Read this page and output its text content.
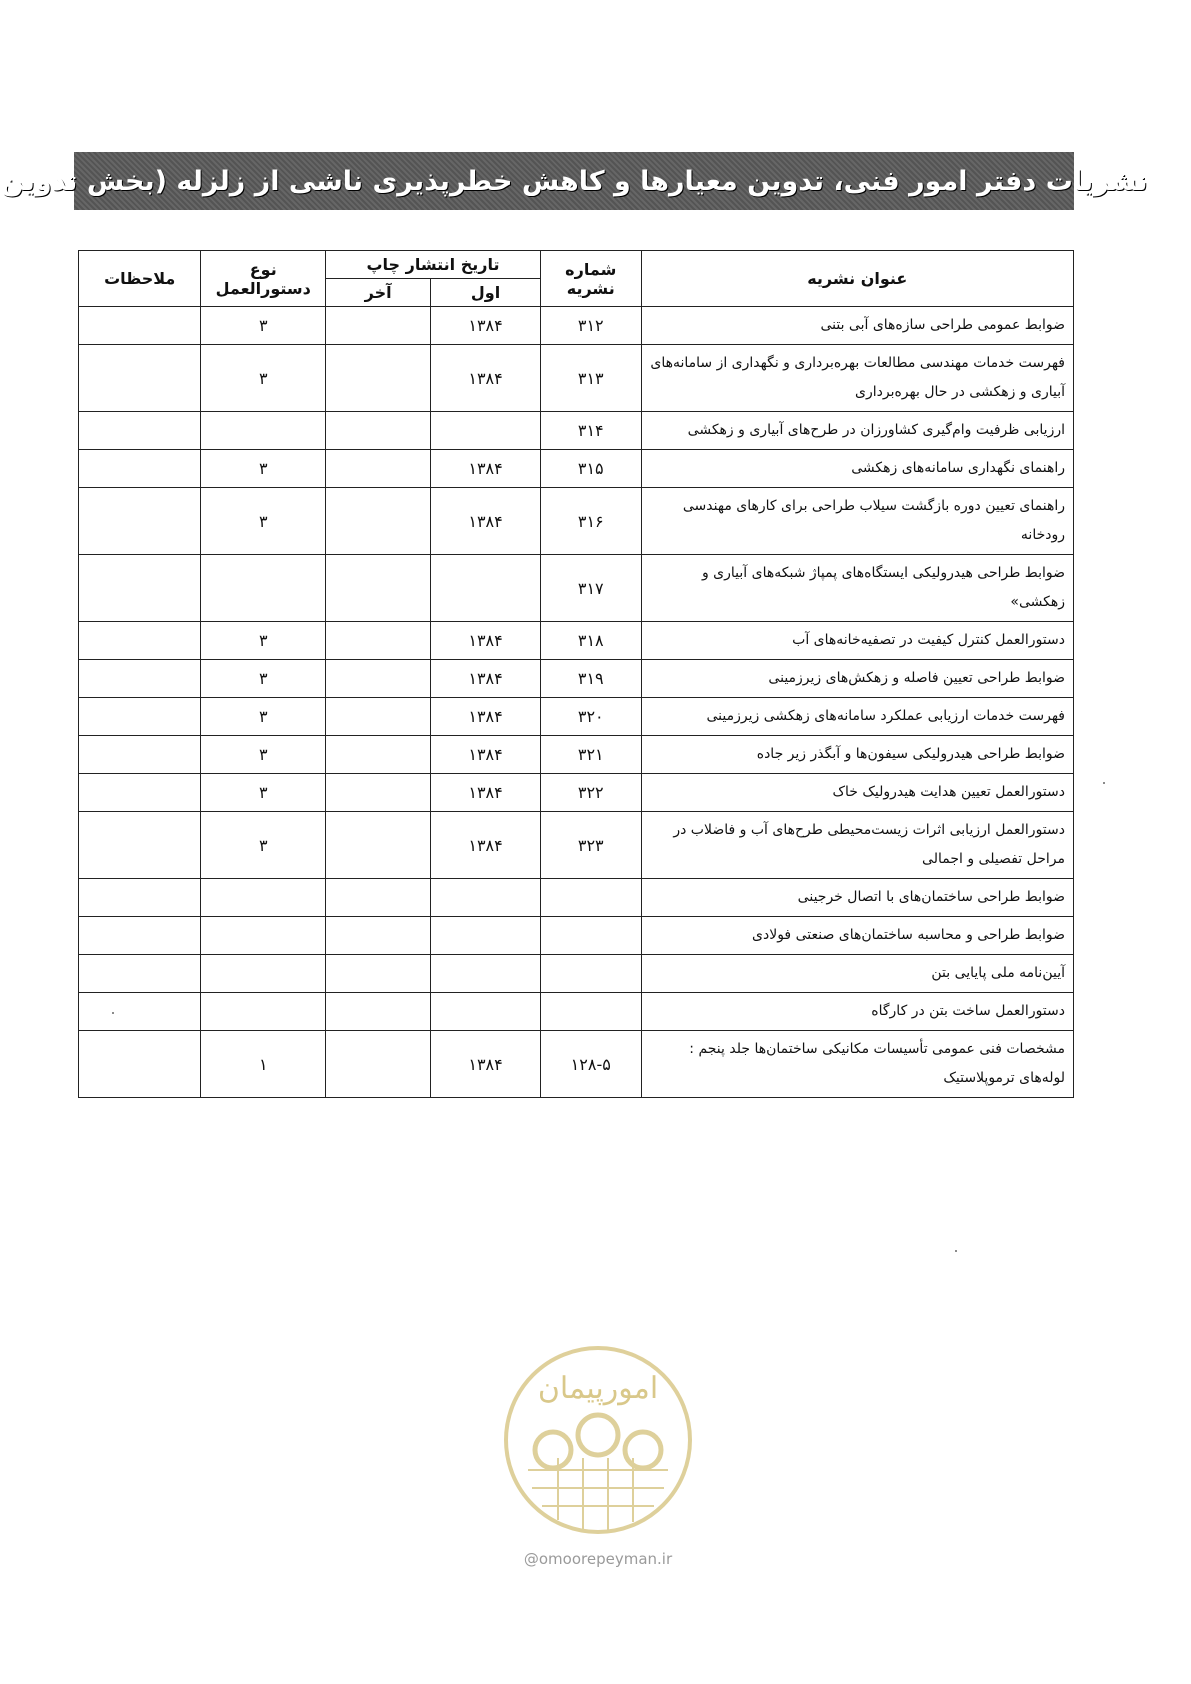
نشریات دفتر امور فنی، تدوین معیارها و کاهش خطرپذیری ناشی از زلزله (بخش تدوین
عنوان نشریه	شماره نشریه	تاریخ انتشار چاپ		نوع دستورالعمل	ملاحظات
		اول	آخر		
ضوابط عمومی طراحی سازه‌های آبی بتنی	۳۱۲	۱۳۸۴		۳	
فهرست خدمات مهندسی مطالعات بهره‌برداری و نگهداری از سامانه‌های آبیاری و زهکشی در حال بهره‌برداری	۳۱۳	۱۳۸۴		۳	
ارزیابی ظرفیت وام‌گیری کشاورزان در طرح‌های آبیاری و زهکشی	۳۱۴				
راهنمای نگهداری سامانه‌های زهکشی	۳۱۵	۱۳۸۴		۳	
راهنمای تعیین دوره بازگشت سیلاب طراحی برای کارهای مهندسی رودخانه	۳۱۶	۱۳۸۴		۳	
ضوابط طراحی هیدرولیکی ایستگاه‌های پمپاژ شبکه‌های آبیاری و زهکشی»	۳۱۷				
دستورالعمل کنترل کیفیت در تصفیه‌خانه‌های آب	۳۱۸	۱۳۸۴		۳	
ضوابط طراحی تعیین فاصله و زهکش‌های زیرزمینی	۳۱۹	۱۳۸۴		۳	
فهرست خدمات ارزیابی عملکرد سامانه‌های زهکشی زیرزمینی	۳۲۰	۱۳۸۴		۳	
ضوابط طراحی هیدرولیکی سیفون‌ها و آبگذر زیر جاده	۳۲۱	۱۳۸۴		۳	
دستورالعمل تعیین هدایت هیدرولیک خاک	۳۲۲	۱۳۸۴		۳	
دستورالعمل ارزیابی اثرات زیست‌محیطی طرح‌های آب و فاضلاب در مراحل تفصیلی و اجمالی	۳۲۳	۱۳۸۴		۳	
ضوابط طراحی ساختمان‌های با اتصال خرجینی					
ضوابط طراحی و محاسبه ساختمان‌های صنعتی فولادی					
آیین‌نامه ملی پایایی بتن					
دستورالعمل ساخت بتن در کارگاه					
مشخصات فنی عمومی تأسیسات مکانیکی ساختمان‌ها جلد پنجم : لوله‌های ترموپلاستیک	۱۲۸-۵	۱۳۸۴		۱	
امورپیمان
@omoorepeyman.ir
